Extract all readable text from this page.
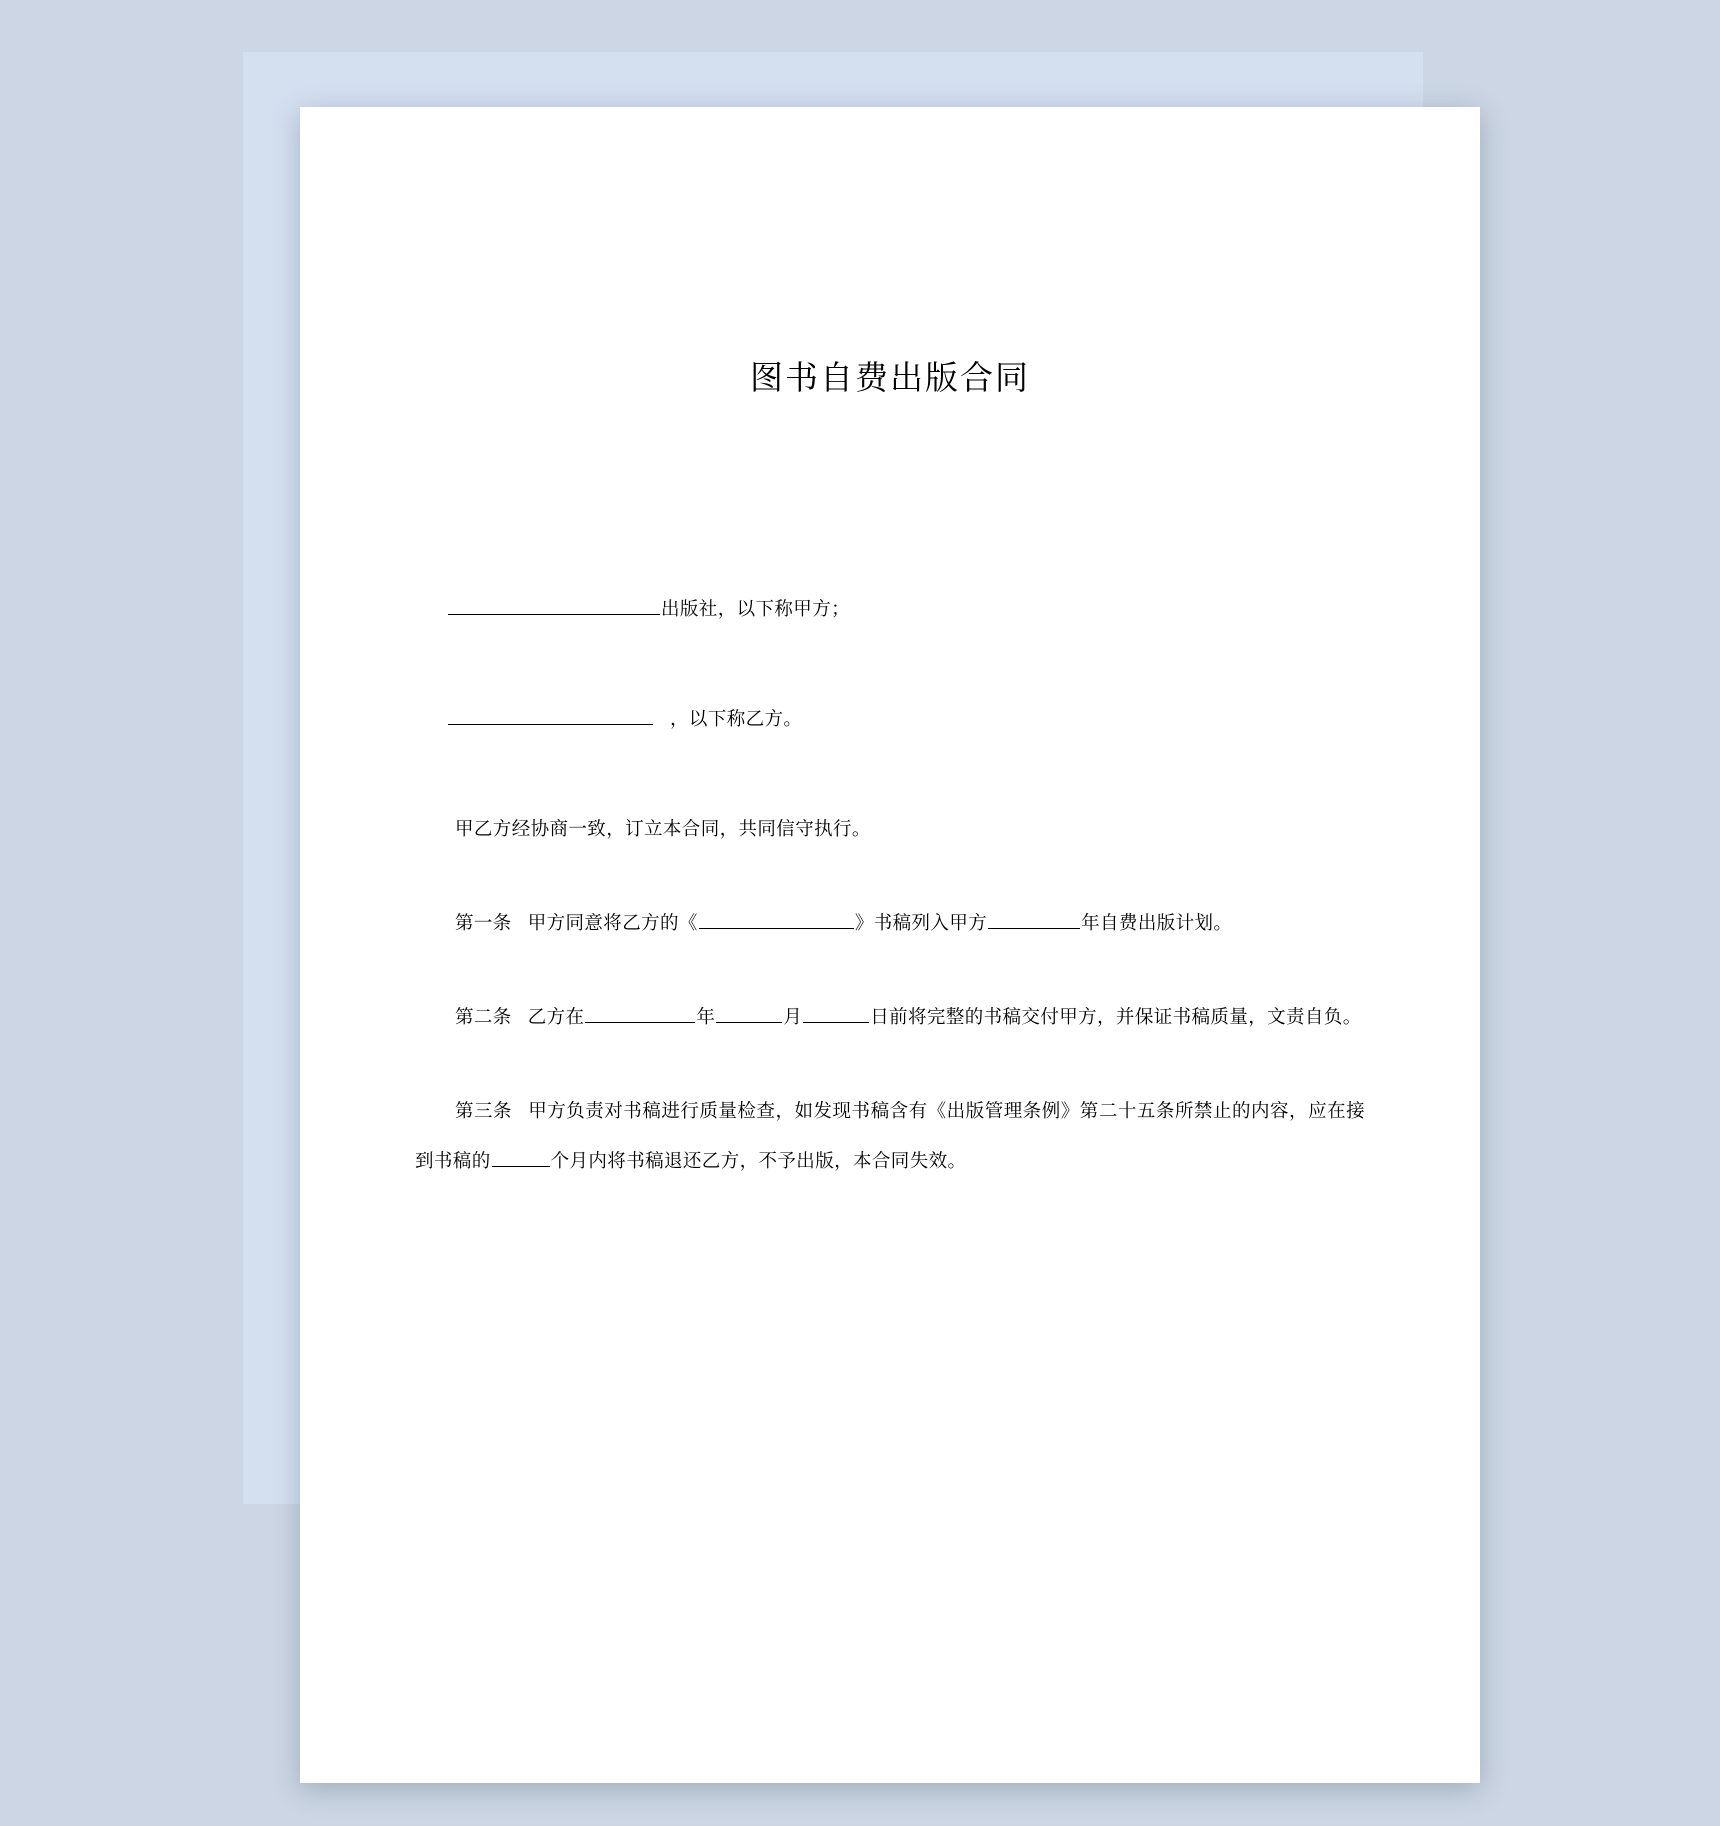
图书自费出版合同

出版社，以下称甲方；

，以下称乙方。

甲乙方经协商一致，订立本合同，共同信守执行。

第一条 甲方同意将乙方的《	》书稿列入甲方	年自费出版计划。

第二条 乙方在	年	月	日前将完整的书稿交付甲方，并保证书稿质量，文责自负。

第三条 甲方负责对书稿进行质量检查，如发现书稿含有《出版管理条例》第二十五条所禁止的内容，应在接到书稿的	个月内将书稿退还乙方，不予出版，本合同失效。
